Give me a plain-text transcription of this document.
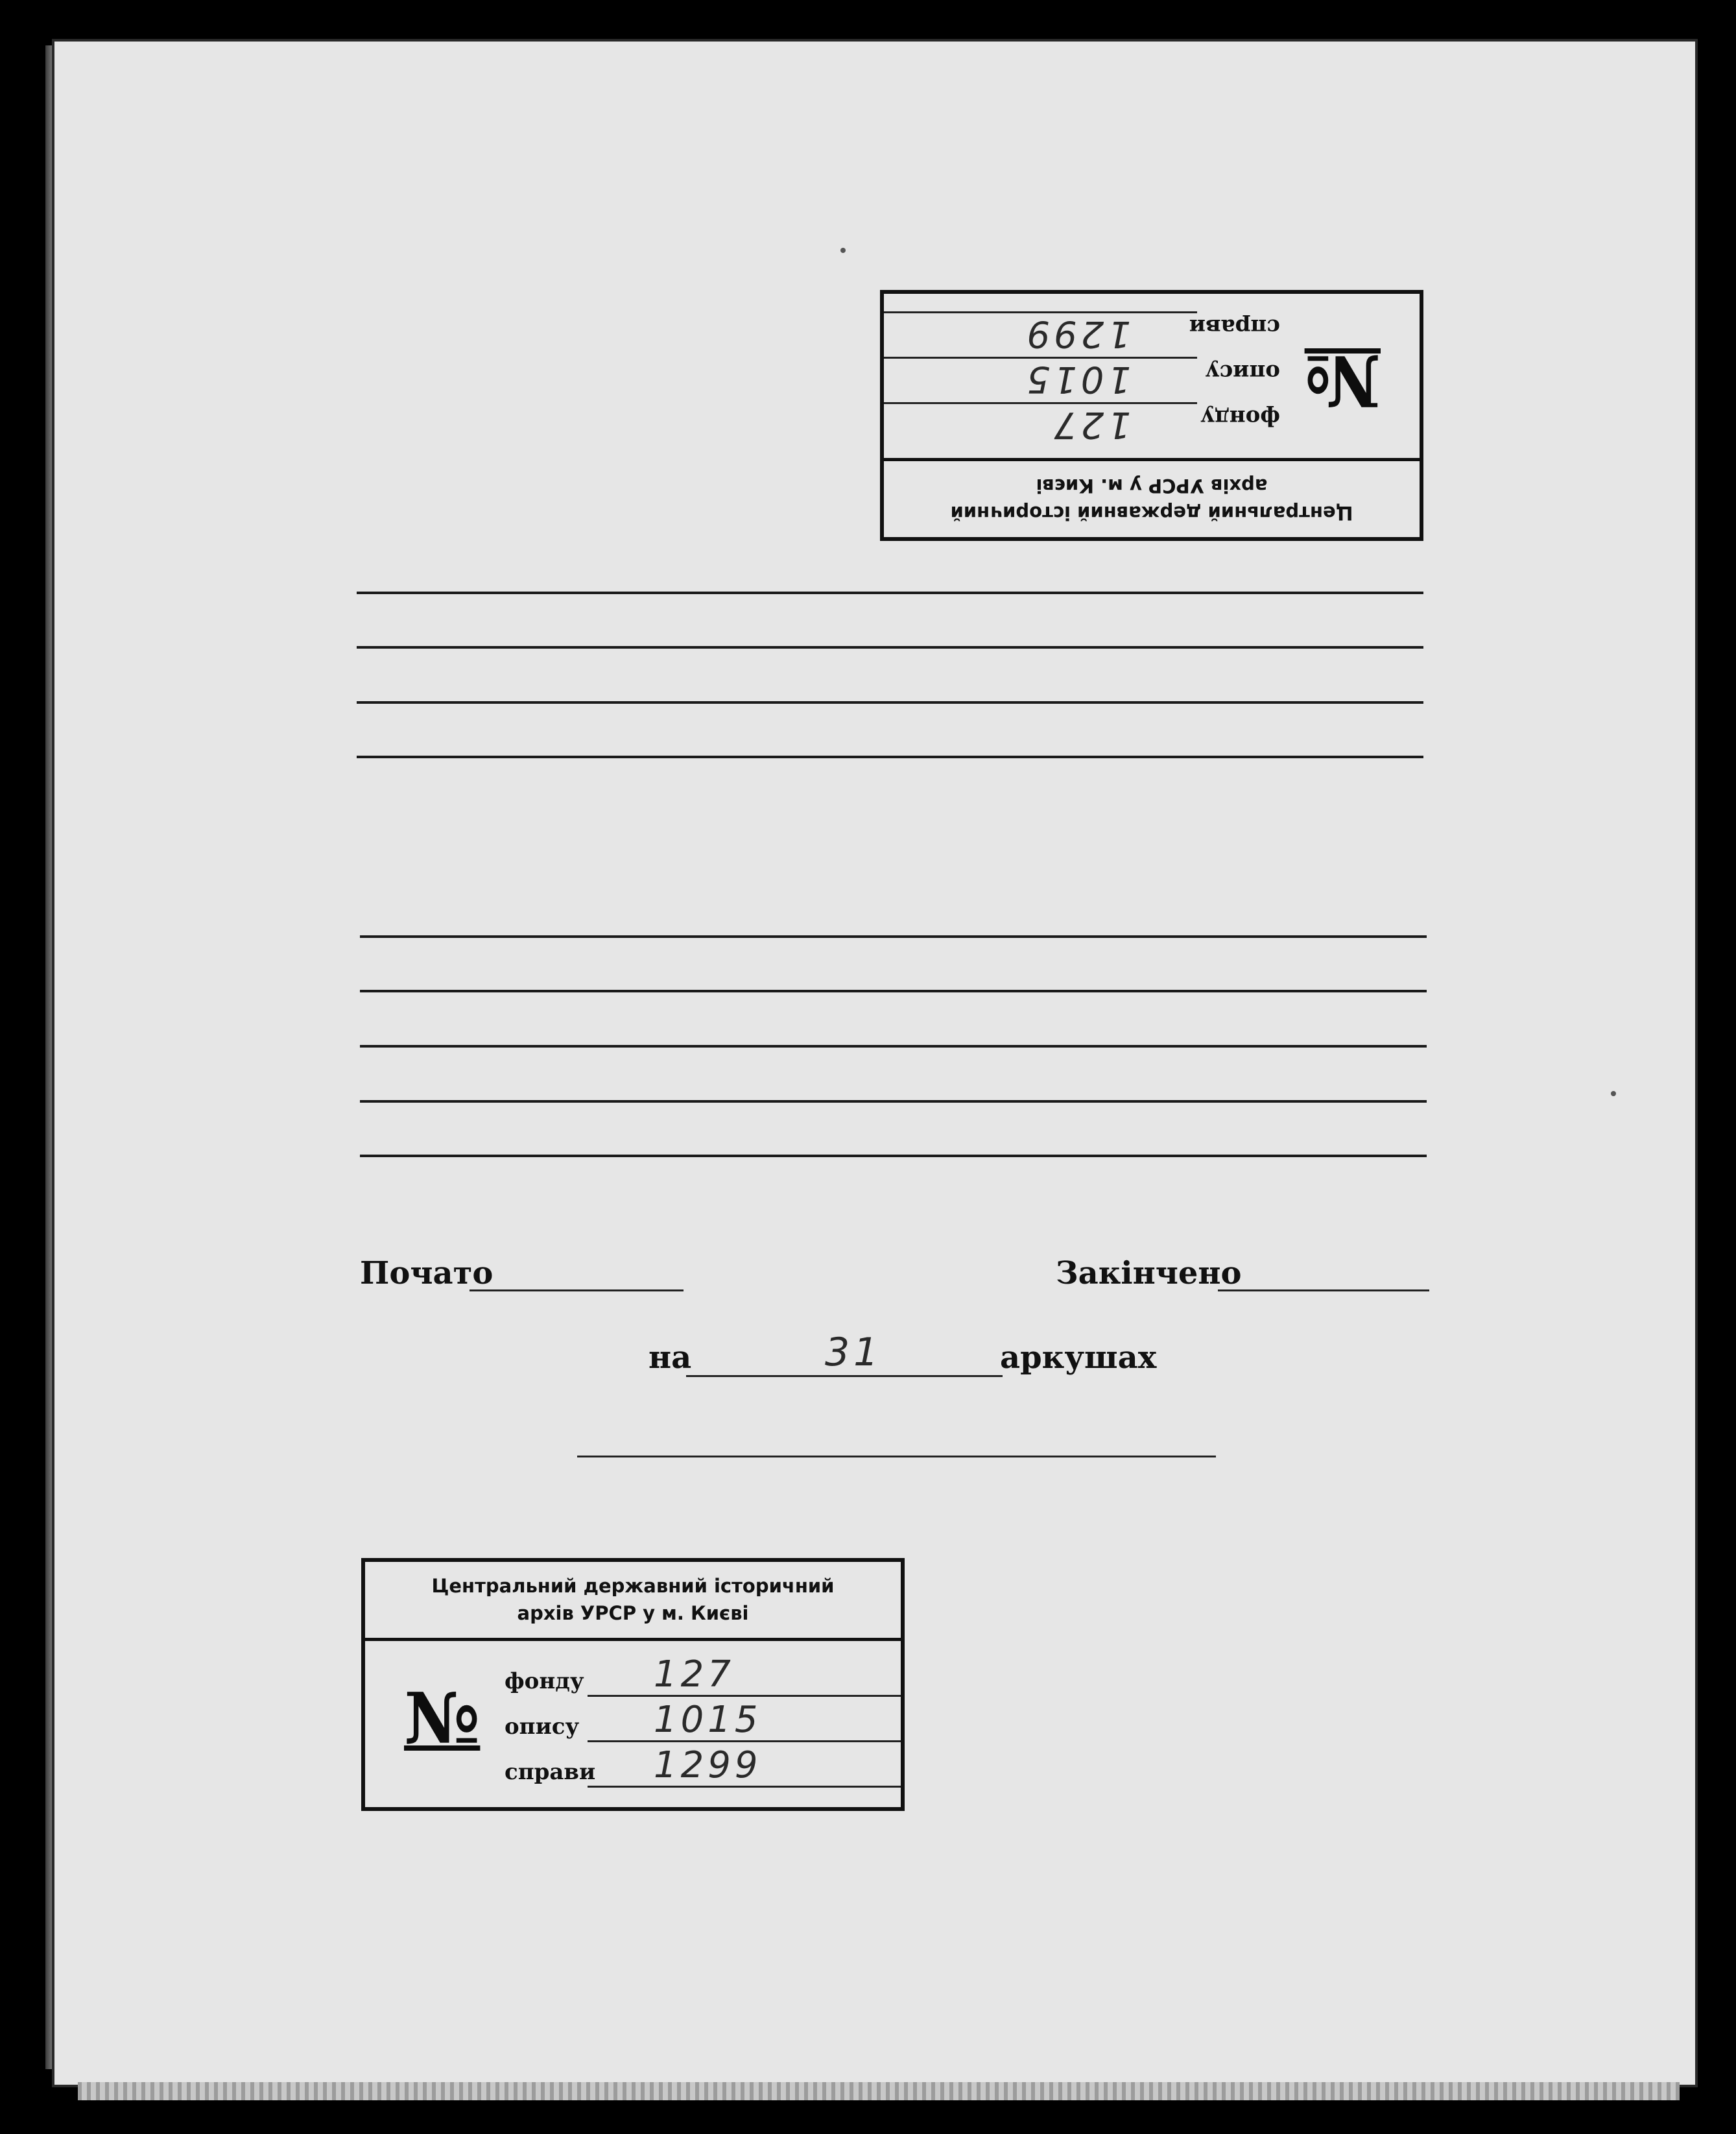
Центральний державний історичний
архів УРСР у м. Києві
№
фонду
127
опису
1015
справи
1299
Почато	Закінчено
на	31	аркушах
Центральний державний історичний
архів УРСР у м. Києві
№ фонду 127
опису 1015
справи 1299
